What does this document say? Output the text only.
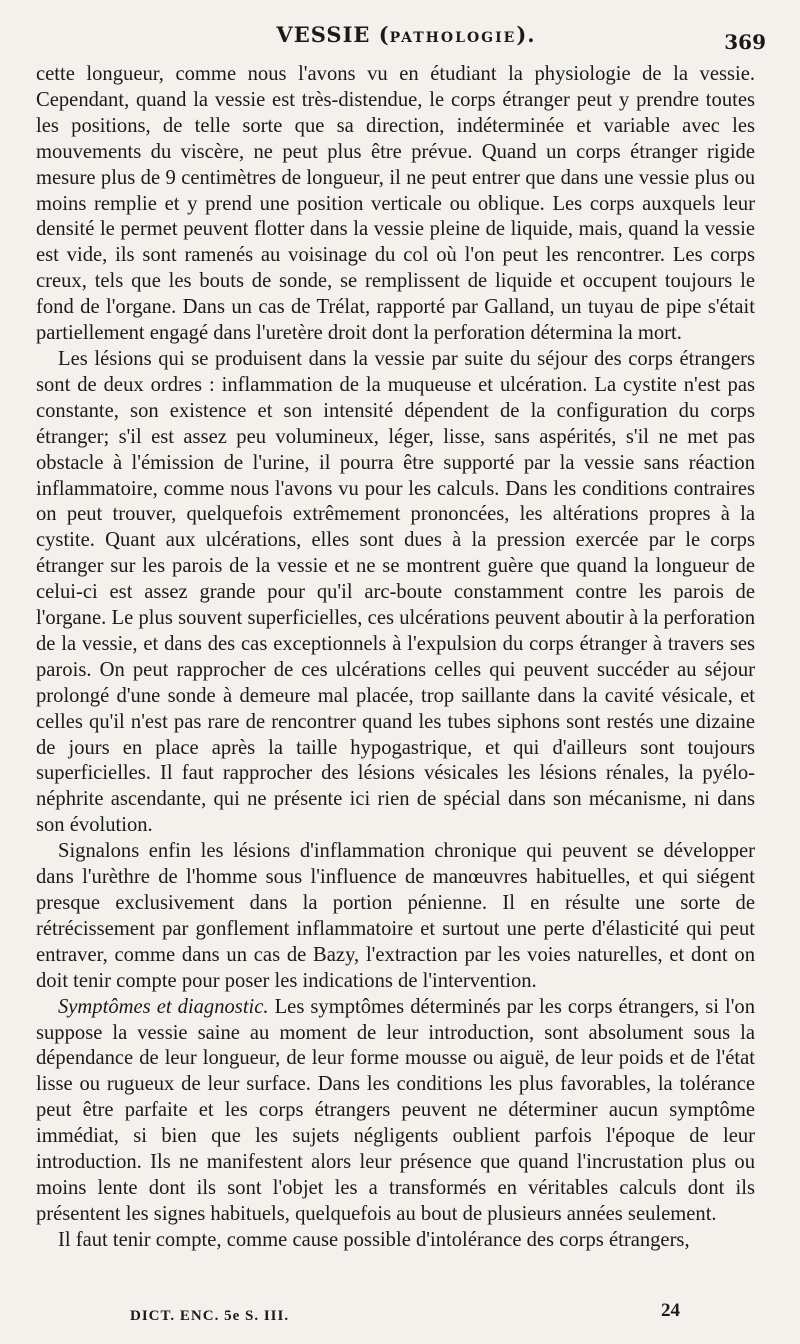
VESSIE (PATHOLOGIE).	369

cette longueur, comme nous l'avons vu en étudiant la physiologie de la vessie. Cependant, quand la vessie est très-distendue, le corps étranger peut y prendre toutes les positions, de telle sorte que sa direction, indéterminée et variable avec les mouvements du viscère, ne peut plus être prévue. Quand un corps étranger rigide mesure plus de 9 centimètres de longueur, il ne peut entrer que dans une vessie plus ou moins remplie et y prend une position verticale ou oblique. Les corps auxquels leur densité le permet peuvent flotter dans la vessie pleine de liquide, mais, quand la vessie est vide, ils sont ramenés au voisinage du col où l'on peut les rencontrer. Les corps creux, tels que les bouts de sonde, se remplissent de liquide et occupent toujours le fond de l'organe. Dans un cas de Trélat, rapporté par Galland, un tuyau de pipe s'était partiellement engagé dans l'uretère droit dont la perforation détermina la mort.

Les lésions qui se produisent dans la vessie par suite du séjour des corps étrangers sont de deux ordres : inflammation de la muqueuse et ulcération. La cystite n'est pas constante, son existence et son intensité dépendent de la configuration du corps étranger; s'il est assez peu volumineux, léger, lisse, sans aspérités, s'il ne met pas obstacle à l'émission de l'urine, il pourra être supporté par la vessie sans réaction inflammatoire, comme nous l'avons vu pour les calculs. Dans les conditions contraires on peut trouver, quelquefois extrêmement prononcées, les altérations propres à la cystite. Quant aux ulcérations, elles sont dues à la pression exercée par le corps étranger sur les parois de la vessie et ne se montrent guère que quand la longueur de celui-ci est assez grande pour qu'il arc-boute constamment contre les parois de l'organe. Le plus souvent superficielles, ces ulcérations peuvent aboutir à la perforation de la vessie, et dans des cas exceptionnels à l'expulsion du corps étranger à travers ses parois. On peut rapprocher de ces ulcérations celles qui peuvent succéder au séjour prolongé d'une sonde à demeure mal placée, trop saillante dans la cavité vésicale, et celles qu'il n'est pas rare de rencontrer quand les tubes siphons sont restés une dizaine de jours en place après la taille hypogastrique, et qui d'ailleurs sont toujours superficielles. Il faut rapprocher des lésions vésicales les lésions rénales, la pyélo-néphrite ascendante, qui ne présente ici rien de spécial dans son mécanisme, ni dans son évolution.

Signalons enfin les lésions d'inflammation chronique qui peuvent se développer dans l'urèthre de l'homme sous l'influence de manœuvres habituelles, et qui siégent presque exclusivement dans la portion pénienne. Il en résulte une sorte de rétrécissement par gonflement inflammatoire et surtout une perte d'élasticité qui peut entraver, comme dans un cas de Bazy, l'extraction par les voies naturelles, et dont on doit tenir compte pour poser les indications de l'intervention.

Symptômes et diagnostic. Les symptômes déterminés par les corps étrangers, si l'on suppose la vessie saine au moment de leur introduction, sont absolument sous la dépendance de leur longueur, de leur forme mousse ou aiguë, de leur poids et de l'état lisse ou rugueux de leur surface. Dans les conditions les plus favorables, la tolérance peut être parfaite et les corps étrangers peuvent ne déterminer aucun symptôme immédiat, si bien que les sujets négligents oublient parfois l'époque de leur introduction. Ils ne manifestent alors leur présence que quand l'incrustation plus ou moins lente dont ils sont l'objet les a transformés en véritables calculs dont ils présentent les signes habituels, quelquefois au bout de plusieurs années seulement.

Il faut tenir compte, comme cause possible d'intolérance des corps étrangers,

DICT. ENC. 5e S. III.	24
